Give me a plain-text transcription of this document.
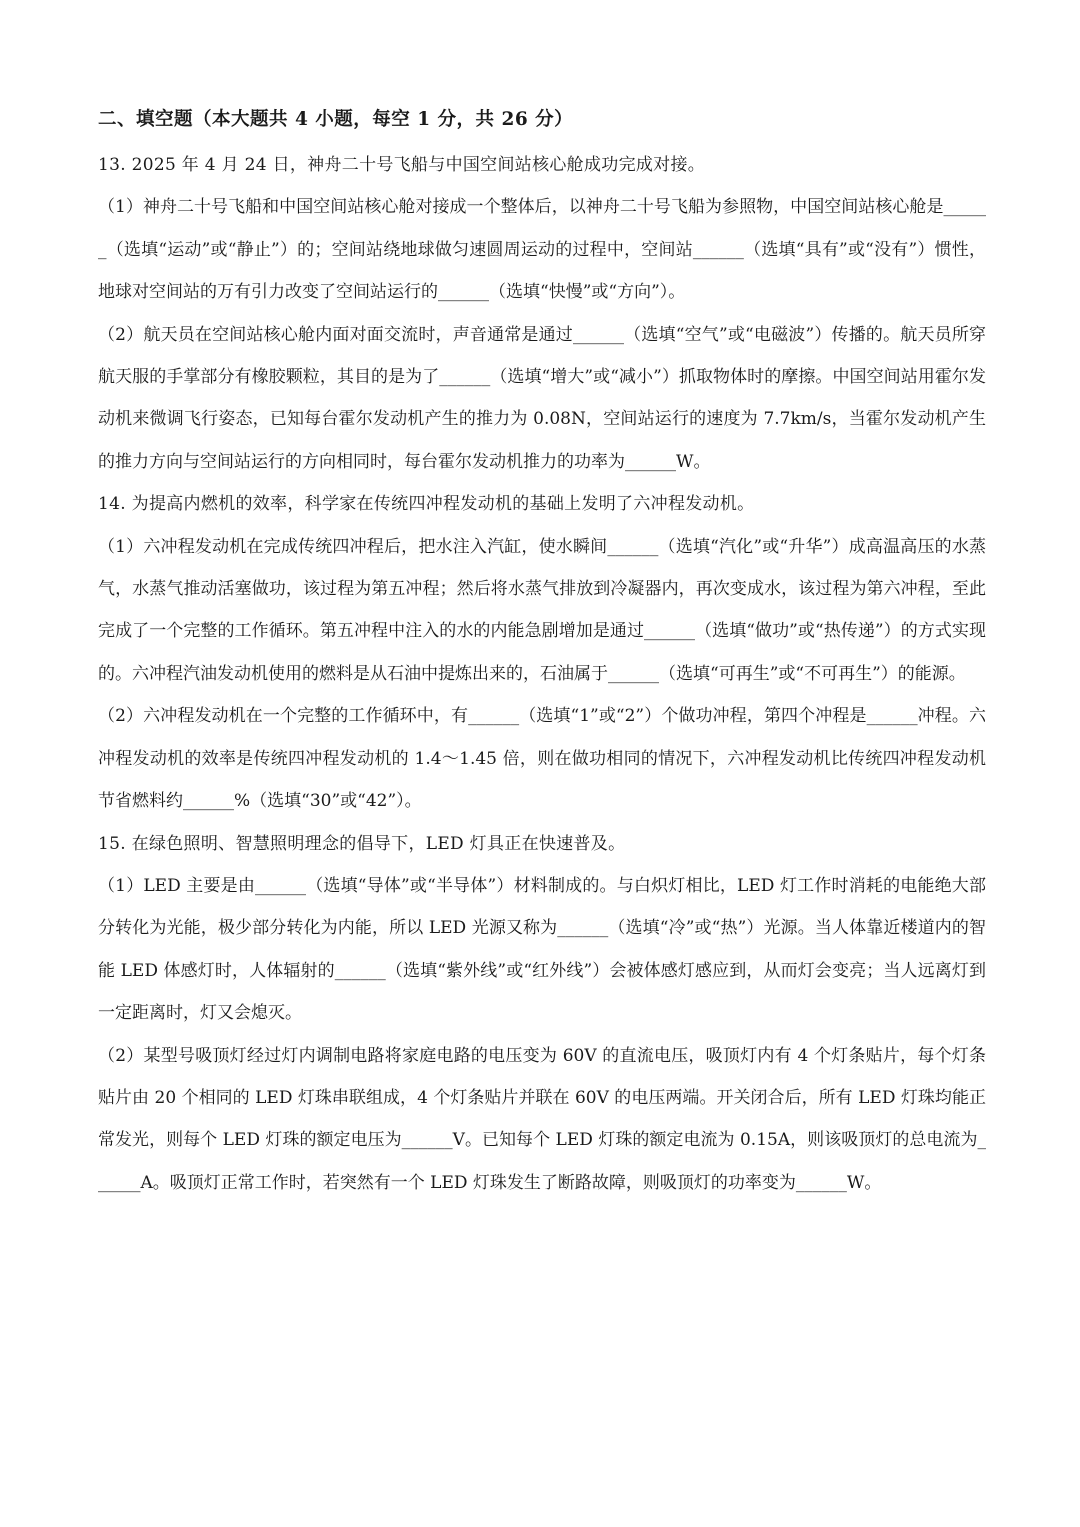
二、填空题（本大题共 4 小题，每空 1 分，共 26 分）

13. 2025 年 4 月 24 日，神舟二十号飞船与中国空间站核心舱成功完成对接。

（1）神舟二十号飞船和中国空间站核心舱对接成一个整体后，以神舟二十号飞船为参照物，中国空间站核心舱是______（选填“运动”或“静止”）的；空间站绕地球做匀速圆周运动的过程中，空间站______（选填“具有”或“没有”）惯性，地球对空间站的万有引力改变了空间站运行的______（选填“快慢”或“方向”）。

（2）航天员在空间站核心舱内面对面交流时，声音通常是通过______（选填“空气”或“电磁波”）传播的。航天员所穿航天服的手掌部分有橡胶颗粒，其目的是为了______（选填“增大”或“减小”）抓取物体时的摩擦。中国空间站用霍尔发动机来微调飞行姿态，已知每台霍尔发动机产生的推力为 0.08N，空间站运行的速度为 7.7km/s，当霍尔发动机产生的推力方向与空间站运行的方向相同时，每台霍尔发动机推力的功率为______W。

14. 为提高内燃机的效率，科学家在传统四冲程发动机的基础上发明了六冲程发动机。

（1）六冲程发动机在完成传统四冲程后，把水注入汽缸，使水瞬间______（选填“汽化”或“升华”）成高温高压的水蒸气，水蒸气推动活塞做功，该过程为第五冲程；然后将水蒸气排放到冷凝器内，再次变成水，该过程为第六冲程，至此完成了一个完整的工作循环。第五冲程中注入的水的内能急剧增加是通过______（选填“做功”或“热传递”）的方式实现的。六冲程汽油发动机使用的燃料是从石油中提炼出来的，石油属于______（选填“可再生”或“不可再生”）的能源。

（2）六冲程发动机在一个完整的工作循环中，有______（选填“1”或“2”）个做功冲程，第四个冲程是______冲程。六冲程发动机的效率是传统四冲程发动机的 1.4～1.45 倍，则在做功相同的情况下，六冲程发动机比传统四冲程发动机节省燃料约______%（选填“30”或“42”）。

15. 在绿色照明、智慧照明理念的倡导下，LED 灯具正在快速普及。

（1）LED 主要是由______（选填“导体”或“半导体”）材料制成的。与白炽灯相比，LED 灯工作时消耗的电能绝大部分转化为光能，极少部分转化为内能，所以 LED 光源又称为______（选填“冷”或“热”）光源。当人体靠近楼道内的智能 LED 体感灯时，人体辐射的______（选填“紫外线”或“红外线”）会被体感灯感应到，从而灯会变亮；当人远离灯到一定距离时，灯又会熄灭。

（2）某型号吸顶灯经过灯内调制电路将家庭电路的电压变为 60V 的直流电压，吸顶灯内有 4 个灯条贴片，每个灯条贴片由 20 个相同的 LED 灯珠串联组成，4 个灯条贴片并联在 60V 的电压两端。开关闭合后，所有 LED 灯珠均能正常发光，则每个 LED 灯珠的额定电压为______V。已知每个 LED 灯珠的额定电流为 0.15A，则该吸顶灯的总电流为______A。吸顶灯正常工作时，若突然有一个 LED 灯珠发生了断路故障，则吸顶灯的功率变为______W。
